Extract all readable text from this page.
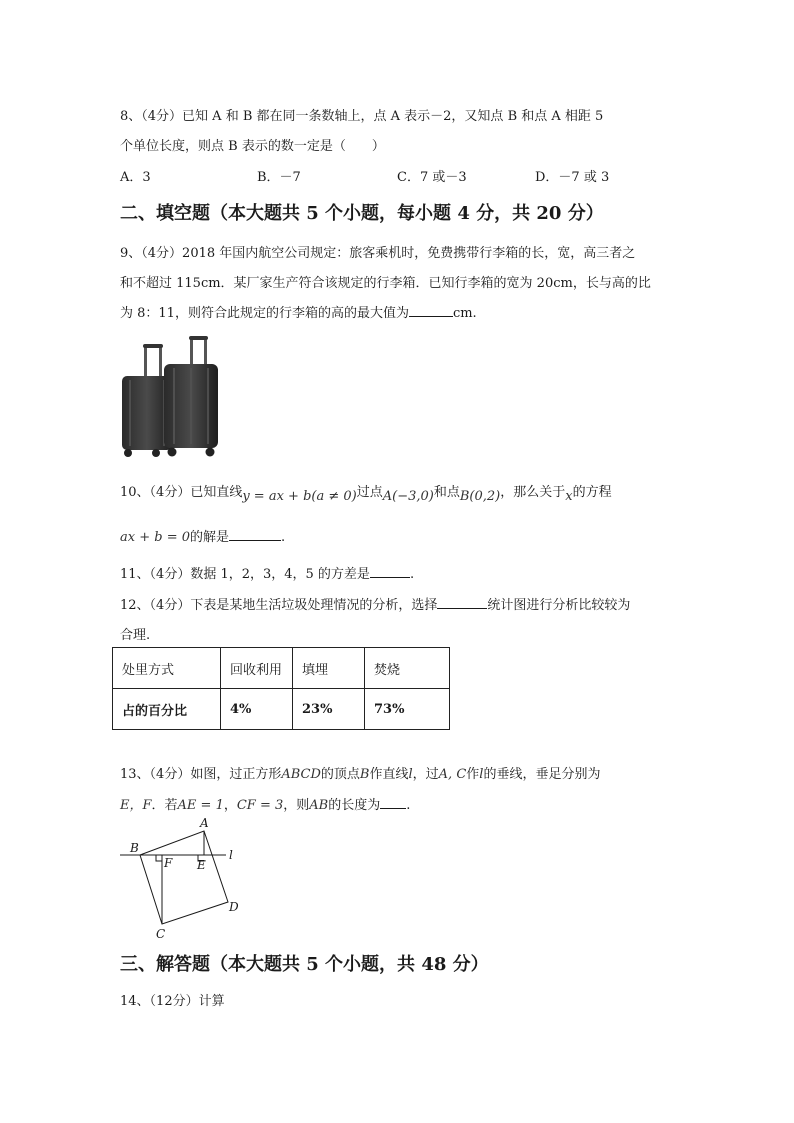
8、（4分）已知 A 和 B 都在同一条数轴上，点 A 表示－2，又知点 B 和点 A 相距 5
个单位长度，则点 B 表示的数一定是（　　）
A．3	B．－7	C．7 或－3	D．－7 或 3
二、填空题（本大题共 5 个小题，每小题 4 分，共 20 分）
9、（4分）2018 年国内航空公司规定：旅客乘机时，免费携带行李箱的长，宽，高三者之
和不超过 115cm．某厂家生产符合该规定的行李箱．已知行李箱的宽为 20cm，长与高的比
为 8：11，则符合此规定的行李箱的高的最大值为	cm.
10、（4分）已知直线y = ax + b(a ≠ 0)过点A(−3,0)和点B(0,2)，那么关于x的方程
ax + b = 0的解是	.
11、（4分）数据 1，2，3，4，5 的方差是	.
12、（4分）下表是某地生活垃圾处理情况的分析，选择	统计图进行分析比较较为
合理.
处里方式	回收利用	填埋	焚烧
占的百分比	4%	23%	73%
13、（4分）如图，过正方形ABCD的顶点B作直线l，过A, C作l的垂线，垂足分别为
E，F．若AE = 1，CF = 3，则AB的长度为 .
A
B
C
D
E
F
l
三、解答题（本大题共 5 个小题，共 48 分）
14、（12分）计算
